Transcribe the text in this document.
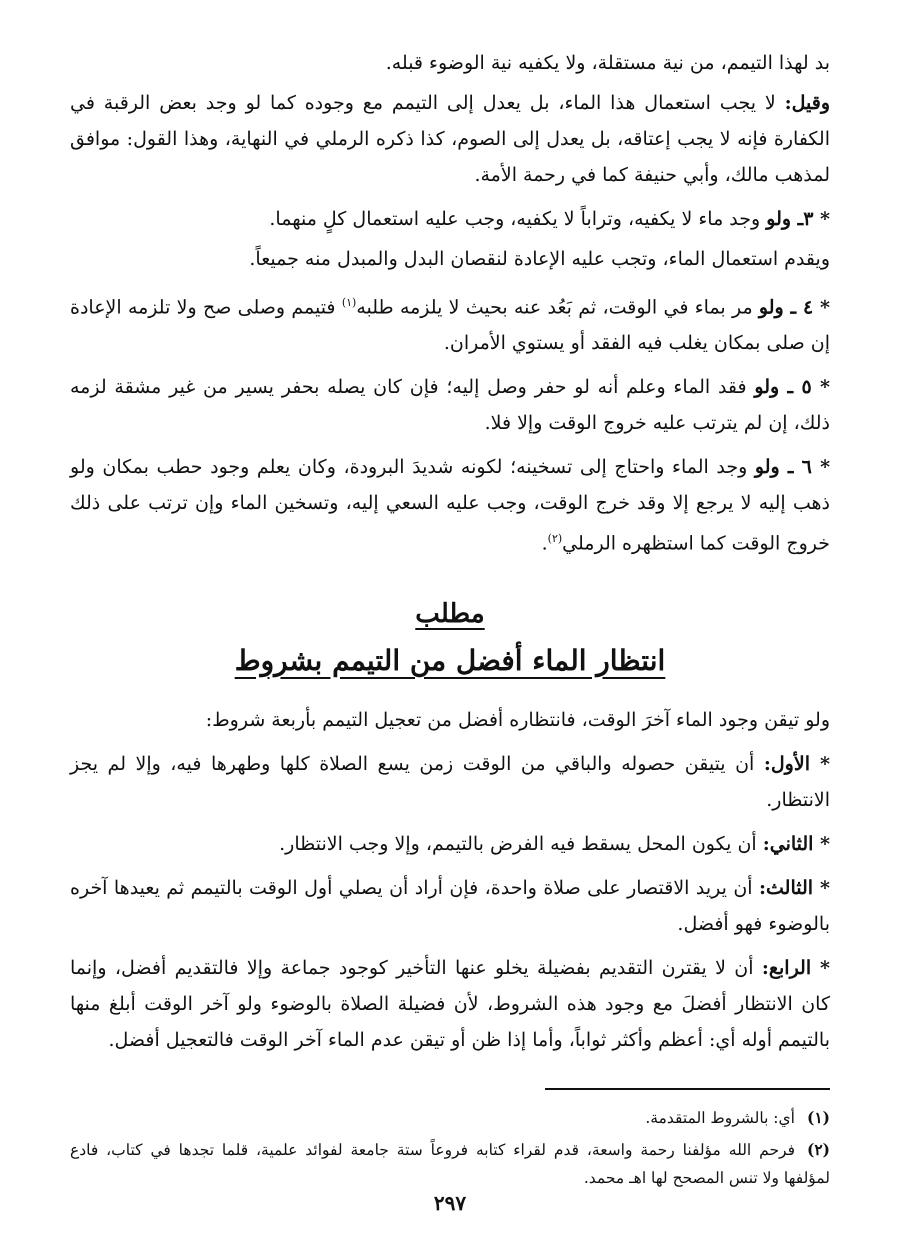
بد لهذا التيمم، من نية مستقلة، ولا يكفيه نية الوضوء قبله.

وقيل: لا يجب استعمال هذا الماء، بل يعدل إلى التيمم مع وجوده كما لو وجد بعض الرقبة في الكفارة فإنه لا يجب إعتاقه، بل يعدل إلى الصوم، كذا ذكره الرملي في النهاية، وهذا القول: موافق لمذهب مالك، وأبي حنيفة كما في رحمة الأمة.

* ٣ـ ولو وجد ماء لا يكفيه، وتراباً لا يكفيه، وجب عليه استعمال كلٍ منهما.

ويقدم استعمال الماء، وتجب عليه الإعادة لنقصان البدل والمبدل منه جميعاً.

* ٤ ـ ولو مر بماء في الوقت، ثم بَعُد عنه بحيث لا يلزمه طلبه$^{(١)}$ فتيمم وصلى صح ولا تلزمه الإعادة إن صلى بمكان يغلب فيه الفقد أو يستوي الأمران.

* ٥ ـ ولو فقد الماء وعلم أنه لو حفر وصل إليه؛ فإن كان يصله بحفر يسير من غير مشقة لزمه ذلك، إن لم يترتب عليه خروج الوقت وإلا فلا.

* ٦ ـ ولو وجد الماء واحتاج إلى تسخينه؛ لكونه شديدَ البرودة، وكان يعلم وجود حطب بمكان ولو ذهب إليه لا يرجع إلا وقد خرج الوقت، وجب عليه السعي إليه، وتسخين الماء وإن ترتب على ذلك خروج الوقت كما استظهره الرملي$^{(٢)}$.

مطلب

انتظار الماء أفضل من التيمم بشروط

ولو تيقن وجود الماء آخرَ الوقت، فانتظاره أفضل من تعجيل التيمم بأربعة شروط:

* الأول: أن يتيقن حصوله والباقي من الوقت زمن يسع الصلاة كلها وطهرها فيه، وإلا لم يجز الانتظار.

* الثاني: أن يكون المحل يسقط فيه الفرض بالتيمم، وإلا وجب الانتظار.

* الثالث: أن يريد الاقتصار على صلاة واحدة، فإن أراد أن يصلي أول الوقت بالتيمم ثم يعيدها آخره بالوضوء فهو أفضل.

* الرابع: أن لا يقترن التقديم بفضيلة يخلو عنها التأخير كوجود جماعة وإلا فالتقديم أفضل، وإنما كان الانتظار أفضلَ مع وجود هذه الشروط، لأن فضيلة الصلاة بالوضوء ولو آخر الوقت أبلغ منها بالتيمم أوله أي: أعظم وأكثر ثواباً، وأما إذا ظن أو تيقن عدم الماء آخر الوقت فالتعجيل أفضل.

(١)أي: بالشروط المتقدمة.

(٢)فرحم الله مؤلفنا رحمة واسعة، قدم لقراء كتابه فروعاً ستة جامعة لفوائد علمية، قلما تجدها في كتاب، فادع لمؤلفها ولا تنس المصحح لها اهـ محمد.

٢٩٧
